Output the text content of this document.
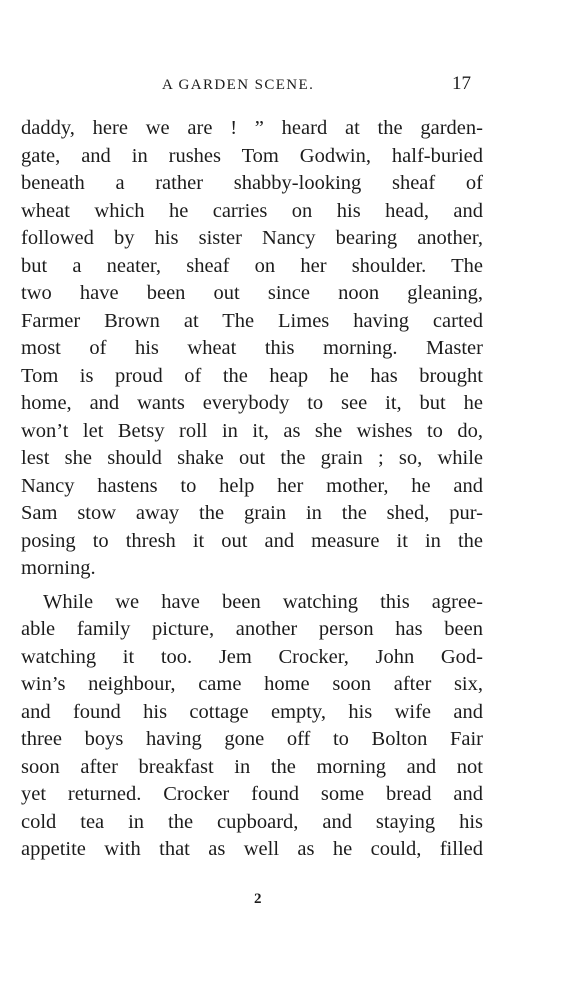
A GARDEN SCENE.	17
daddy, here we are ! ” heard at the garden-
gate, and in rushes Tom Godwin, half-buried
beneath a rather shabby-looking sheaf of
wheat which he carries on his head, and
followed by his sister Nancy bearing another,
but a neater, sheaf on her shoulder. The
two have been out since noon gleaning,
Farmer Brown at The Limes having carted
most of his wheat this morning. Master
Tom is proud of the heap he has brought
home, and wants everybody to see it, but he
won’t let Betsy roll in it, as she wishes to do,
lest she should shake out the grain ; so, while
Nancy hastens to help her mother, he and
Sam stow away the grain in the shed, pur-
posing to thresh it out and measure it in the
morning.
While we have been watching this agree-
able family picture, another person has been
watching it too. Jem Crocker, John God-
win’s neighbour, came home soon after six,
and found his cottage empty, his wife and
three boys having gone off to Bolton Fair
soon after breakfast in the morning and not
yet returned. Crocker found some bread and
cold tea in the cupboard, and staying his
appetite with that as well as he could, filled
2
